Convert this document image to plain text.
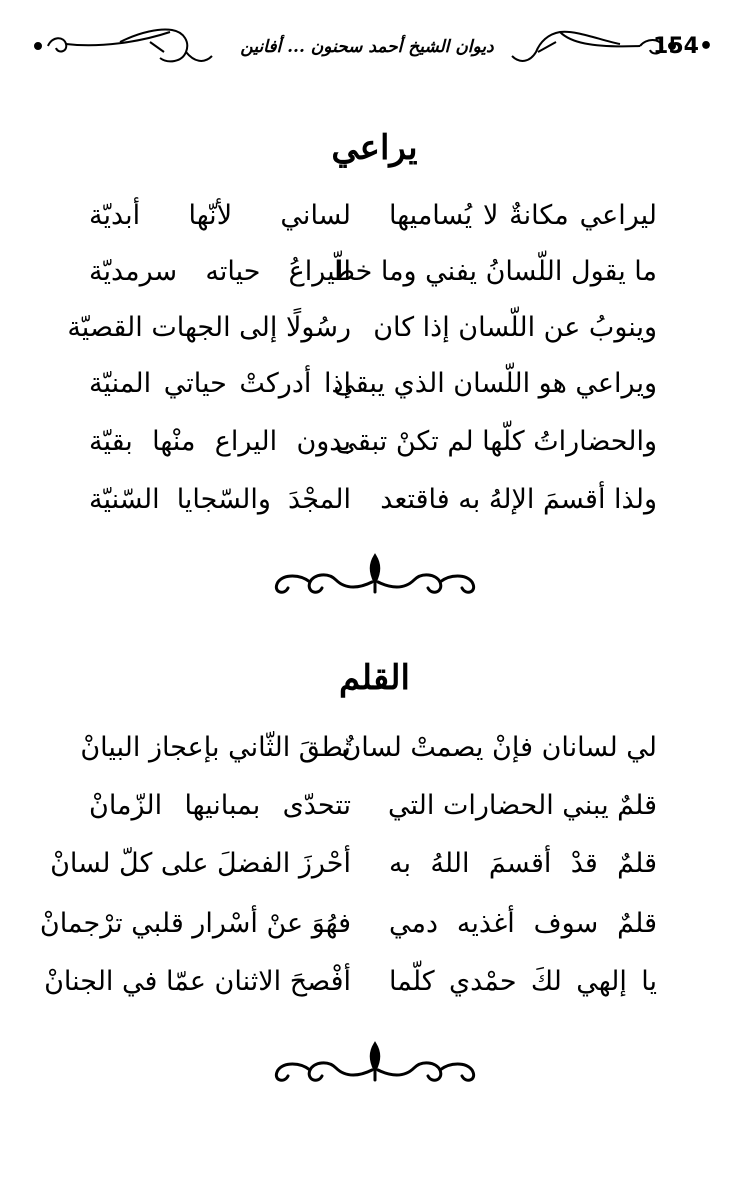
154•
ديوان الشيخ أحمد سحنون ... أفانين
يراعي
ليراعي مكانةٌ لا يُساميها
لساني لأنّها أبديّة
ما يقول اللّسانُ يفني وما خطّ
اليراعُ حياته سرمديّة
وينوبُ عن اللّسان إذا كان
رسُولًا إلى الجهات القصيّة
ويراعي هو اللّسان الذي يبقى
إذا أدركتْ حياتي المنيّة
والحضاراتُ كلّها لم تكنْ تبقى
بدون اليراع منْها بقيّة
ولذا أقسمَ الإلهُ به فاقتعد
المجْدَ والسّجايا السّنيّة
القلم
لي لسانان فإنْ يصمتْ لسانٌ
نطقَ الثّاني بإعجاز البيانْ
قلمٌ يبني الحضارات التي
تتحدّى بمبانيها الزّمانْ
قلمٌ قدْ أقسمَ اللهُ به
أحْرزَ الفضلَ على كلّ لسانْ
قلمٌ سوف أغذيه دمي
فهُوَ عنْ أسْرار قلبي ترْجمانْ
يا إلهي لكَ حمْدي كلّما
أفْصحَ الاثنان عمّا في الجنانْ
